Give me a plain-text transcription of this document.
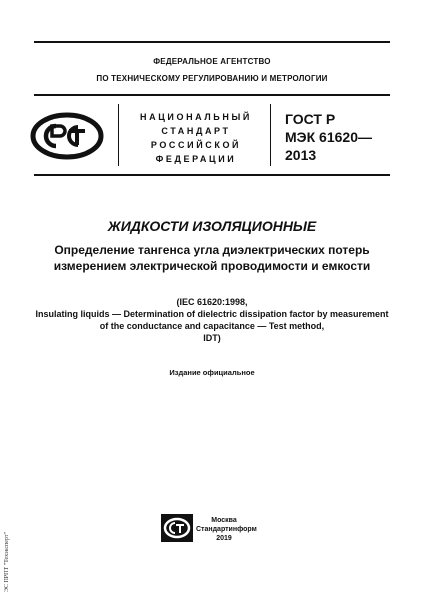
ФЕДЕРАЛЬНОЕ АГЕНТСТВО
ПО ТЕХНИЧЕСКОМУ РЕГУЛИРОВАНИЮ И МЕТРОЛОГИИ
НАЦИОНАЛЬНЫЙ
СТАНДАРТ
РОССИЙСКОЙ
ФЕДЕРАЦИИ
ГОСТ Р
МЭК 61620—
2013
ЖИДКОСТИ ИЗОЛЯЦИОННЫЕ
Определение тангенса угла диэлектрических потерь
измерением электрической проводимости и емкости
(IEC 61620:1998,
Insulating liquids — Determination of dielectric dissipation factor by measurement
of the conductance and capacitance — Test method,
IDT)
Издание официальное
Москва
Стандартинформ
2019
ЭС ПРПТ "Техэксперт"
